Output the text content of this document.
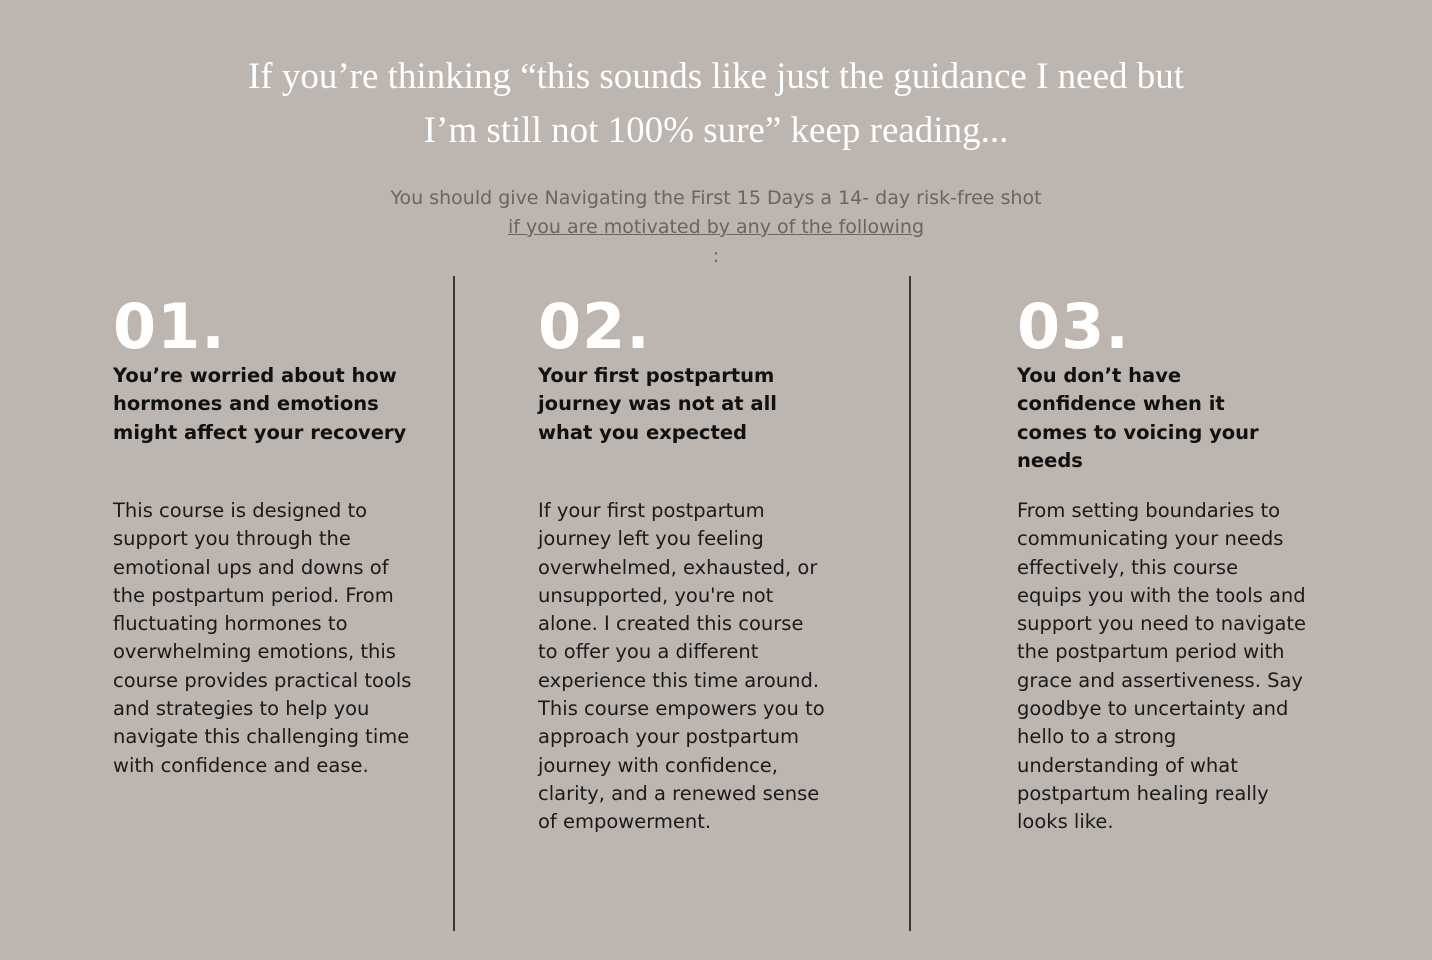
If you’re thinking “this sounds like just the guidance I need but
I’m still not 100% sure” keep reading...

You should give Navigating the First 15 Days a 14- day risk-free shot
if you are motivated by any of the following
:

01.

You’re worried about how hormones and emotions might affect your recovery

This course is designed to support you through the emotional ups and downs of the postpartum period. From fluctuating hormones to overwhelming emotions, this course provides practical tools and strategies to help you navigate this challenging time with confidence and ease.

02.

Your first postpartum journey was not at all what you expected

If your first postpartum journey left you feeling overwhelmed, exhausted, or unsupported, you're not alone. I created this course to offer you a different experience this time around. This course empowers you to approach your postpartum journey with confidence, clarity, and a renewed sense of empowerment.

03.

You don’t have confidence when it comes to voicing your needs

From setting boundaries to communicating your needs effectively, this course equips you with the tools and support you need to navigate the postpartum period with grace and assertiveness. Say goodbye to uncertainty and hello to a strong understanding of what postpartum healing really looks like.
